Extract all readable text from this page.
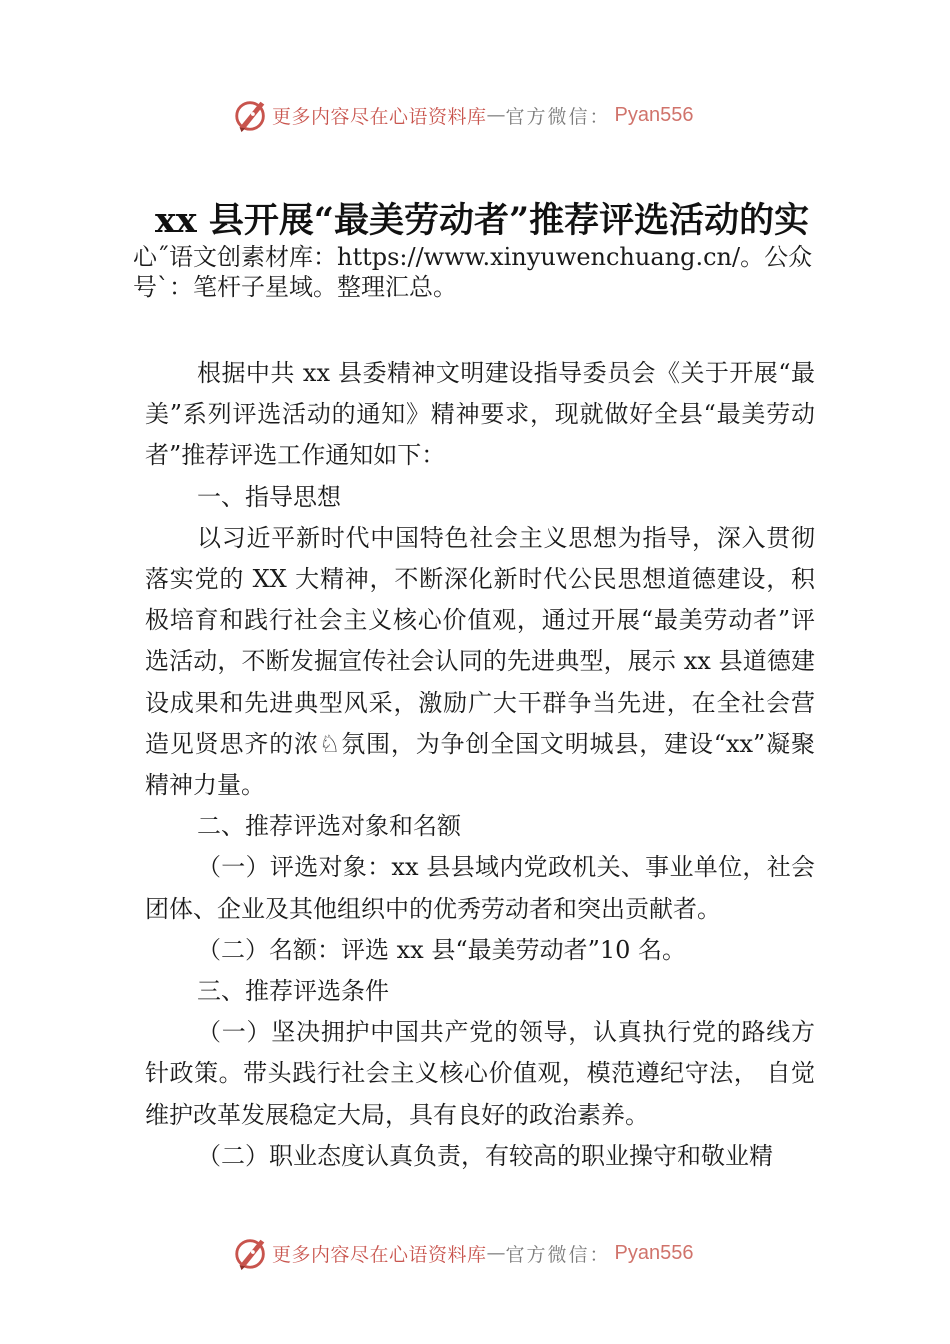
更多内容尽在心语资料库 — 官方微信： Pyan556
xx 县开展“最美劳动者”推荐评选活动的实
心˝语文创素材库：https://www.xinyuwenchuang.cn/。公众号`：笔杆子星域。整理汇总。

根据中共 xx 县委精神文明建设指导委员会《关于开展“最美”系列评选活动的通知》精神要求，现就做好全县“最美劳动者”推荐评选工作通知如下：

一、指导思想

以习近平新时代中国特色社会主义思想为指导，深入贯彻落实党的 XX 大精神，不断深化新时代公民思想道德建设，积极培育和践行社会主义核心价值观，通过开展“最美劳动者”评选活动，不断发掘宣传社会认同的先进典型，展示 xx 县道德建设成果和先进典型风采，激励广大干群争当先进，在全社会营造见贤思齐的浓♘氛围，为争创全国文明城县，建设“xx”凝聚精神力量。

二、推荐评选对象和名额

（一）评选对象：xx 县县域内党政机关、事业单位，社会团体、企业及其他组织中的优秀劳动者和突出贡献者。

（二）名额：评选 xx 县“最美劳动者”10 名。

三、推荐评选条件

（一）坚决拥护中国共产党的领导，认真执行党的路线方针政策。带头践行社会主义核心价值观，模范遵纪守法， 自觉维护改革发展稳定大局，具有良好的政治素养。

（二）职业态度认真负责，有较高的职业操守和敬业精

更多内容尽在心语资料库 — 官方微信： Pyan556
